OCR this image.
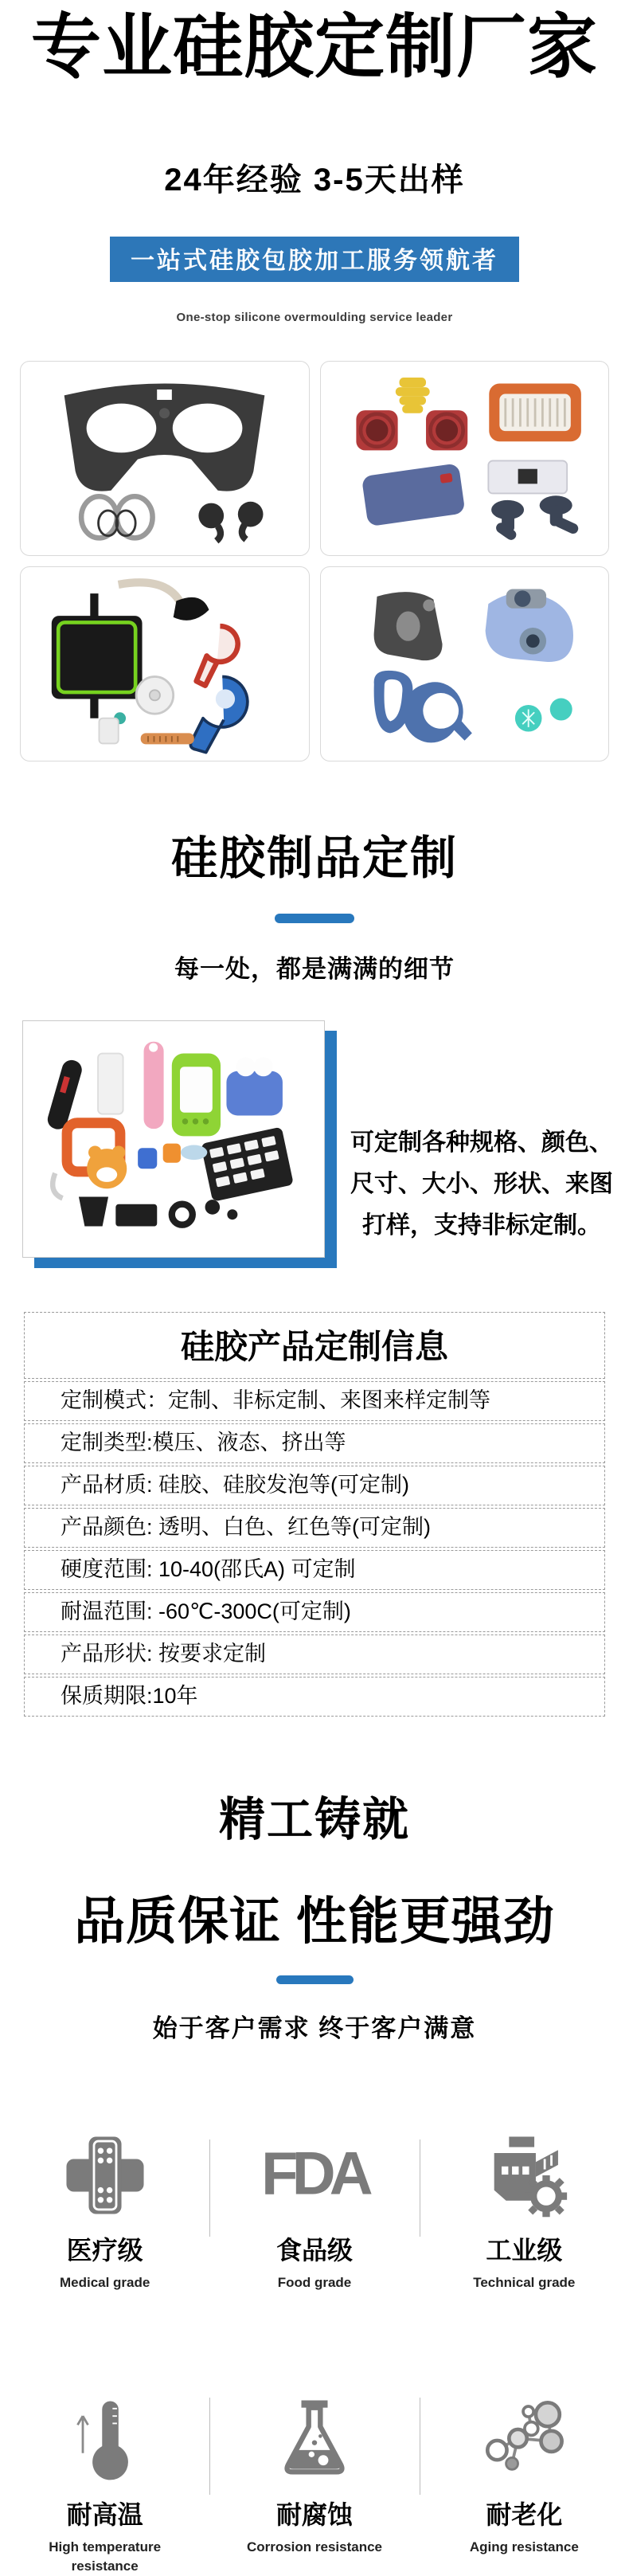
专业硅胶定制厂家
24年经验 3-5天出样
一站式硅胶包胶加工服务领航者
One-stop silicone overmoulding service leader
硅胶制品定制
每一处，都是满满的细节
可定制各种规格、颜色、尺寸、大小、形状、来图打样，支持非标定制。
硅胶产品定制信息
定制模式：定制、非标定制、来图来样定制等
定制类型:模压、液态、挤出等
产品材质: 硅胶、硅胶发泡等(可定制)
产品颜色: 透明、白色、红色等(可定制)
硬度范围: 10-40(邵氏A) 可定制
耐温范围: -60℃-300C(可定制)
产品形状: 按要求定制
保质期限:10年
精工铸就
品质保证 性能更强劲
始于客户需求 终于客户满意
医疗级
Medical grade
FDA
食品级
Food grade
工业级
Technical grade
耐高温
High temperature resistance
耐腐蚀
Corrosion resistance
耐老化
Aging resistance
